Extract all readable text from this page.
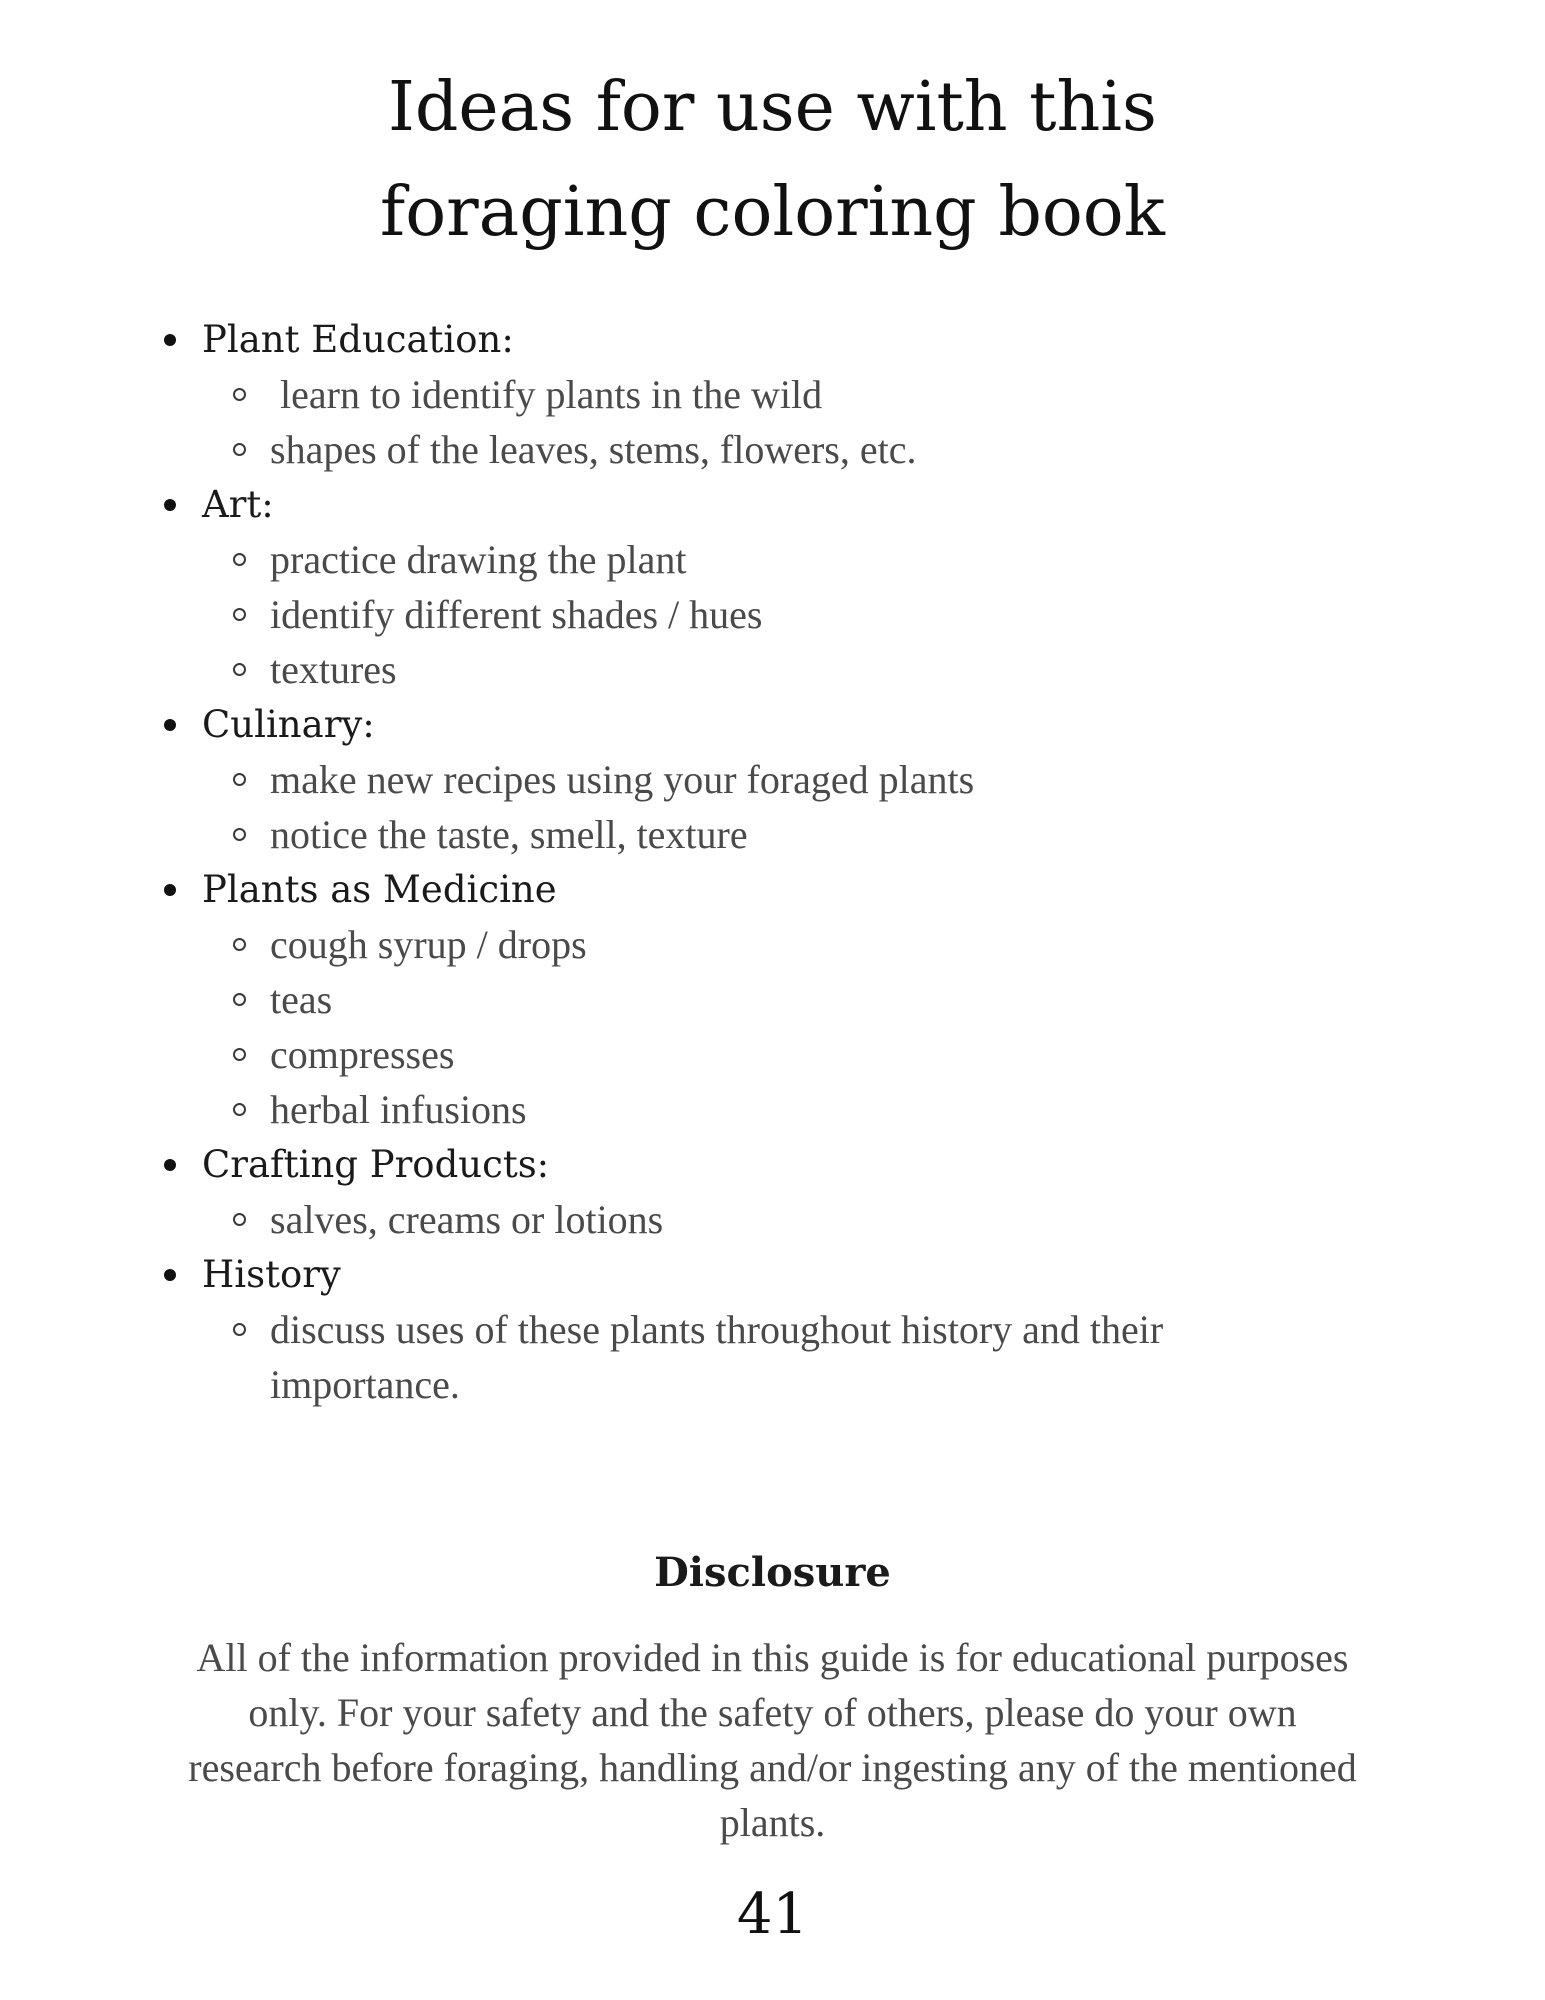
Ideas for use with this
foraging coloring book
Plant Education:
learn to identify plants in the wild
shapes of the leaves, stems, flowers, etc.
Art:
practice drawing the plant
identify different shades / hues
textures
Culinary:
make new recipes using your foraged plants
notice the taste, smell, texture
Plants as Medicine
cough syrup / drops
teas
compresses
herbal infusions
Crafting Products:
salves, creams or lotions
History
discuss uses of these plants throughout history and their importance.
Disclosure

All of the information provided in this guide is for educational purposes only. For your safety and the safety of others, please do your own research before foraging, handling and/or ingesting any of the mentioned plants.

41
